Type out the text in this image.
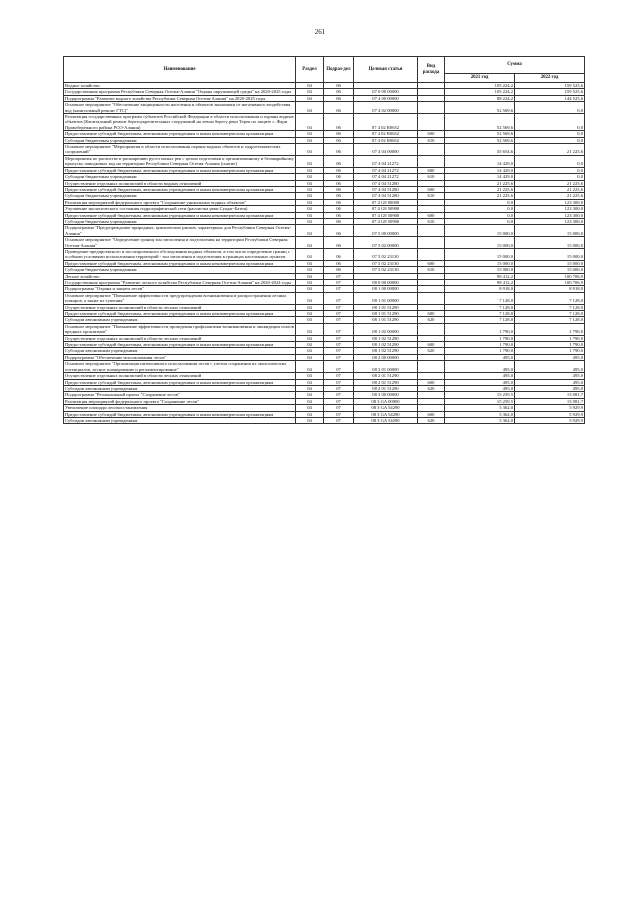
261
Наименование	Раздел	Подраз-дел	Целевая статья	Вид расхода	Сумма	
					2021 год	2022 год
Водное хозяйство	04	06			105 224,2	159 525,6
Государственная программа Республики Северная Осетия-Алания "Охрана окружающей среды" на 2020-2025 годы	04	06	07 0 00 00000		105 224,2	159 525,6
Подпрограмма "Развитие водного хозяйства Республики Северная Осетия-Алания" на 2020-2025 годы	04	06	07 4 00 00000		88 224,2	144 525,6
Основное мероприятие "Обеспечение защищенности населения и объектов экономики от негативного воздействия вод (капитальный ремонт ГТС)"	04	06	07 4 02 00000		52 569,6	0,0
Реализация государственных программ субъектов Российской Федерации в области использования и охраны водных объектов (Капитальный ремонт берегоукрепительных сооружений на левом берегу реки Терек по защите с. Фарн Правобережного района РСО-Алания)	04	06	07 4 02 R0652		52 569,6	0,0
Предоставление субсидий бюджетным, автономным учреждениям и иным некоммерческим организациям	04	06	07 4 02 R0652	600	52 569,6	0,0
Субсидии бюджетным учреждениям	04	06	07 4 02 R0652	610	52 569,6	0,0
Основное мероприятие "Мероприятия в области использования охраны водных объектов и гидротехнических сооружений"	04	06	07 4 04 00000		35 654,6	21 225,6
Мероприятия по расчистке и расширению русел малых рек с целью подготовки к организованному и безаварийному пропуску паводковых вод на территории Республики Северная Осетия-Алания (снятие)	04	06	07 4 04 21272		14 429,0	0,0
Предоставление субсидий бюджетным, автономным учреждениям и иным некоммерческим организациям	04	06	07 4 04 21272	600	14 429,0	0,0
Субсидии бюджетным учреждениям	04	06	07 4 04 21272	610	14 429,0	0,0
Осуществление отдельных полномочий в области водных отношений	04	06	07 4 04 51280		21 225,6	21 225,6
Предоставление субсидий бюджетным, автономным учреждениям и иным некоммерческим организациям	04	06	07 4 04 51280	600	21 225,6	21 225,6
Субсидии бюджетным учреждениям	04	06	07 4 04 51280	610	21 225,6	21 225,6
Реализация мероприятий федерального проекта "Сохранение уникальных водных объектов"	04	06	07 4 G8 00000		0,0	123 300,0
Улучшение экологического состояния гидрографической сети (расчистка реки Суадаг-Батон)	04	06	07 4 G8 50900		0,0	123 300,0
Предоставление субсидий бюджетным, автономным учреждениям и иным некоммерческим организациям	04	06	07 4 G8 50900	600	0,0	123 300,0
Субсидии бюджетным учреждениям	04	06	07 4 G8 50900	610	0,0	123 300,0
Подпрограмма "Предупреждение природных, циклических рисков, характерных для Республики Северная Осетия-Алания"	04	06	07 5 00 00000		15 000,0	15 000,0
Основное мероприятие "Определение границ зон затопления и подтопления на территории Республики Северная Осетия-Алания"	04	06	07 5 02 00000		15 000,0	15 000,0
Проведение предпроектного и послепроектного обследования водных объектов, в том числе определение границ с особыми условиями использования территорий - зон затопления и подтопления в границах населенных пунктов	04	06	07 5 02 23130		15 000,0	15 000,0
Предоставление субсидий бюджетным, автономным учреждениям и иным некоммерческим организациям	04	06	07 5 02 23130	600	15 000,0	15 000,0
Субсидии бюджетным учреждениям	04	06	07 5 02 23130	610	15 000,0	15 000,0
Лесное хозяйство	04	07			98 412,2	100 706,9
Государственная программа "Развитие лесного хозяйства Республики Северная Осетия-Алания" на 2020-2024 годы	04	07	08 0 00 00000		98 412,2	100 706,9
Подпрограмма "Охрана и защита лесов"	04	07	08 1 00 00000		8 918,0	8 918,0
Основное мероприятие "Повышение эффективности предупреждения возникновения и распространения лесных пожаров, а также их тушения"	04	07	08 1 01 00000		7 128,0	7 128,0
Осуществление отдельных полномочий в области лесных отношений	04	07	08 1 01 51290		7 128,0	7 128,0
Предоставление субсидий бюджетным, автономным учреждениям и иным некоммерческим организациям	04	07	08 1 01 51290	600	7 128,0	7 128,0
Субсидии автономным учреждениям	04	07	08 1 01 51290	620	7 128,0	7 128,0
Основное мероприятие "Повышение эффективности проведения профилактики возникновения и ликвидации очагов вредных организмов"	04	07	08 1 02 00000		1 790,0	1 790,0
Осуществление отдельных полномочий в области лесных отношений	04	07	08 1 02 51290		1 790,0	1 790,0
Предоставление субсидий бюджетным, автономным учреждениям и иным некоммерческим организациям	04	07	08 1 02 51290	600	1 790,0	1 790,0
Субсидии автономным учреждениям	04	07	08 1 02 51290	620	1 790,0	1 790,0
Подпрограмма "Обеспечение использования лесов"	04	07	08 2 00 00000		495,0	495,0
Основное мероприятие "Организация интенсивного использования лесов с учетом сохранения их экологических потенциалов, лесное планирование и регламентирование"	04	07	08 2 01 00000		495,0	495,0
Осуществление отдельных полномочий в области лесных отношений	04	07	08 2 01 51290		495,0	495,0
Предоставление субсидий бюджетным, автономным учреждениям и иным некоммерческим организациям	04	07	08 2 01 51290	600	495,0	495,0
Субсидии автономным учреждениям	04	07	08 2 01 51290	620	495,0	495,0
Подпрограмма "Региональный проект "Сохранение лесов"	04	07	08 3 00 00000		15 259,5	13 081,7
Реализация мероприятий федерального проекта "Сохранение лесов"	04	07	08 3 GA 00000		15 259,5	13 081,7
Увеличение площади лесовосстановления	04	07	08 3 GA 54290		5 362,0	5 929,9
Предоставление субсидий бюджетным, автономным учреждениям и иным некоммерческим организациям	04	07	08 3 GA 54290	600	5 362,0	5 929,9
Субсидии автономным учреждениям	04	07	08 3 GA 54290	620	5 362,0	5 929,9
